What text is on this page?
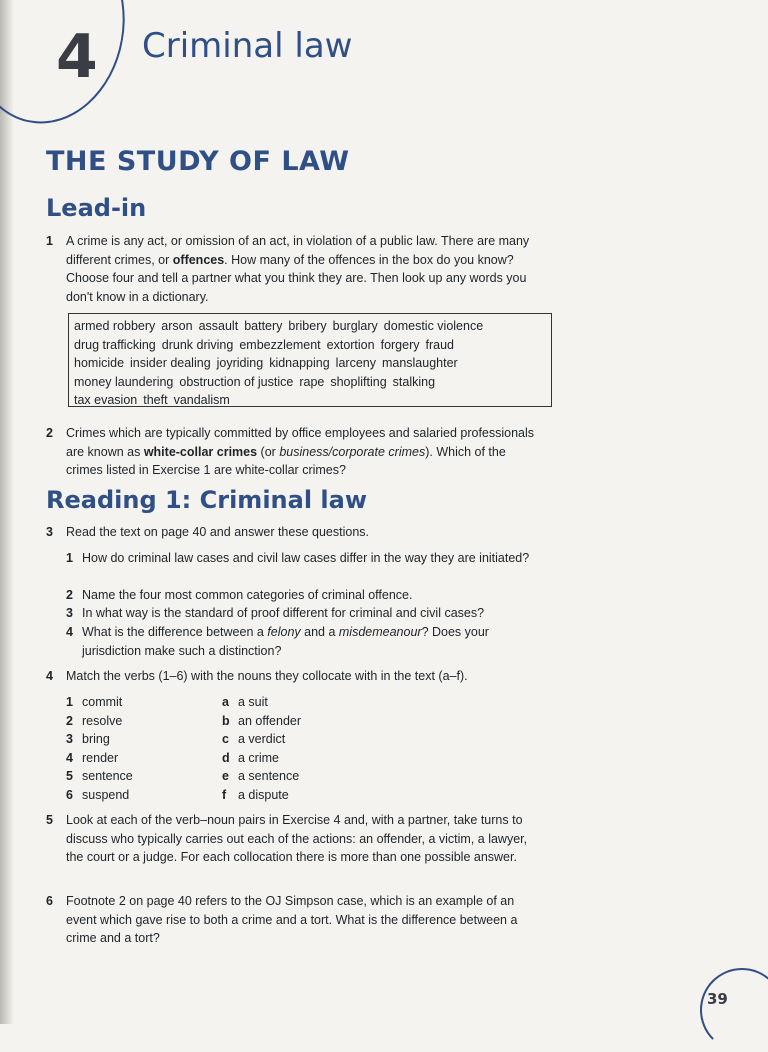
4 Criminal law
THE STUDY OF LAW
Lead-in
1 A crime is any act, or omission of an act, in violation of a public law. There are many different crimes, or offences. How many of the offences in the box do you know? Choose four and tell a partner what you think they are. Then look up any words you don't know in a dictionary.
armed robbery arson assault battery bribery burglary domestic violence
drug trafficking drunk driving embezzlement extortion forgery fraud
homicide insider dealing joyriding kidnapping larceny manslaughter
money laundering obstruction of justice rape shoplifting stalking
tax evasion theft vandalism
2 Crimes which are typically committed by office employees and salaried professionals are known as white-collar crimes (or business/corporate crimes). Which of the crimes listed in Exercise 1 are white-collar crimes?
Reading 1: Criminal law
3 Read the text on page 40 and answer these questions.
1 How do criminal law cases and civil law cases differ in the way they are initiated?
2 Name the four most common categories of criminal offence.
3 In what way is the standard of proof different for criminal and civil cases?
4 What is the difference between a felony and a misdemeanour? Does your jurisdiction make such a distinction?
4 Match the verbs (1–6) with the nouns they collocate with in the text (a–f).
1 commit
2 resolve
3 bring
4 render
5 sentence
6 suspend
a a suit
b an offender
c a verdict
d a crime
e a sentence
f a dispute
5 Look at each of the verb–noun pairs in Exercise 4 and, with a partner, take turns to discuss who typically carries out each of the actions: an offender, a victim, a lawyer, the court or a judge. For each collocation there is more than one possible answer.
6 Footnote 2 on page 40 refers to the OJ Simpson case, which is an example of an event which gave rise to both a crime and a tort. What is the difference between a crime and a tort?
39
